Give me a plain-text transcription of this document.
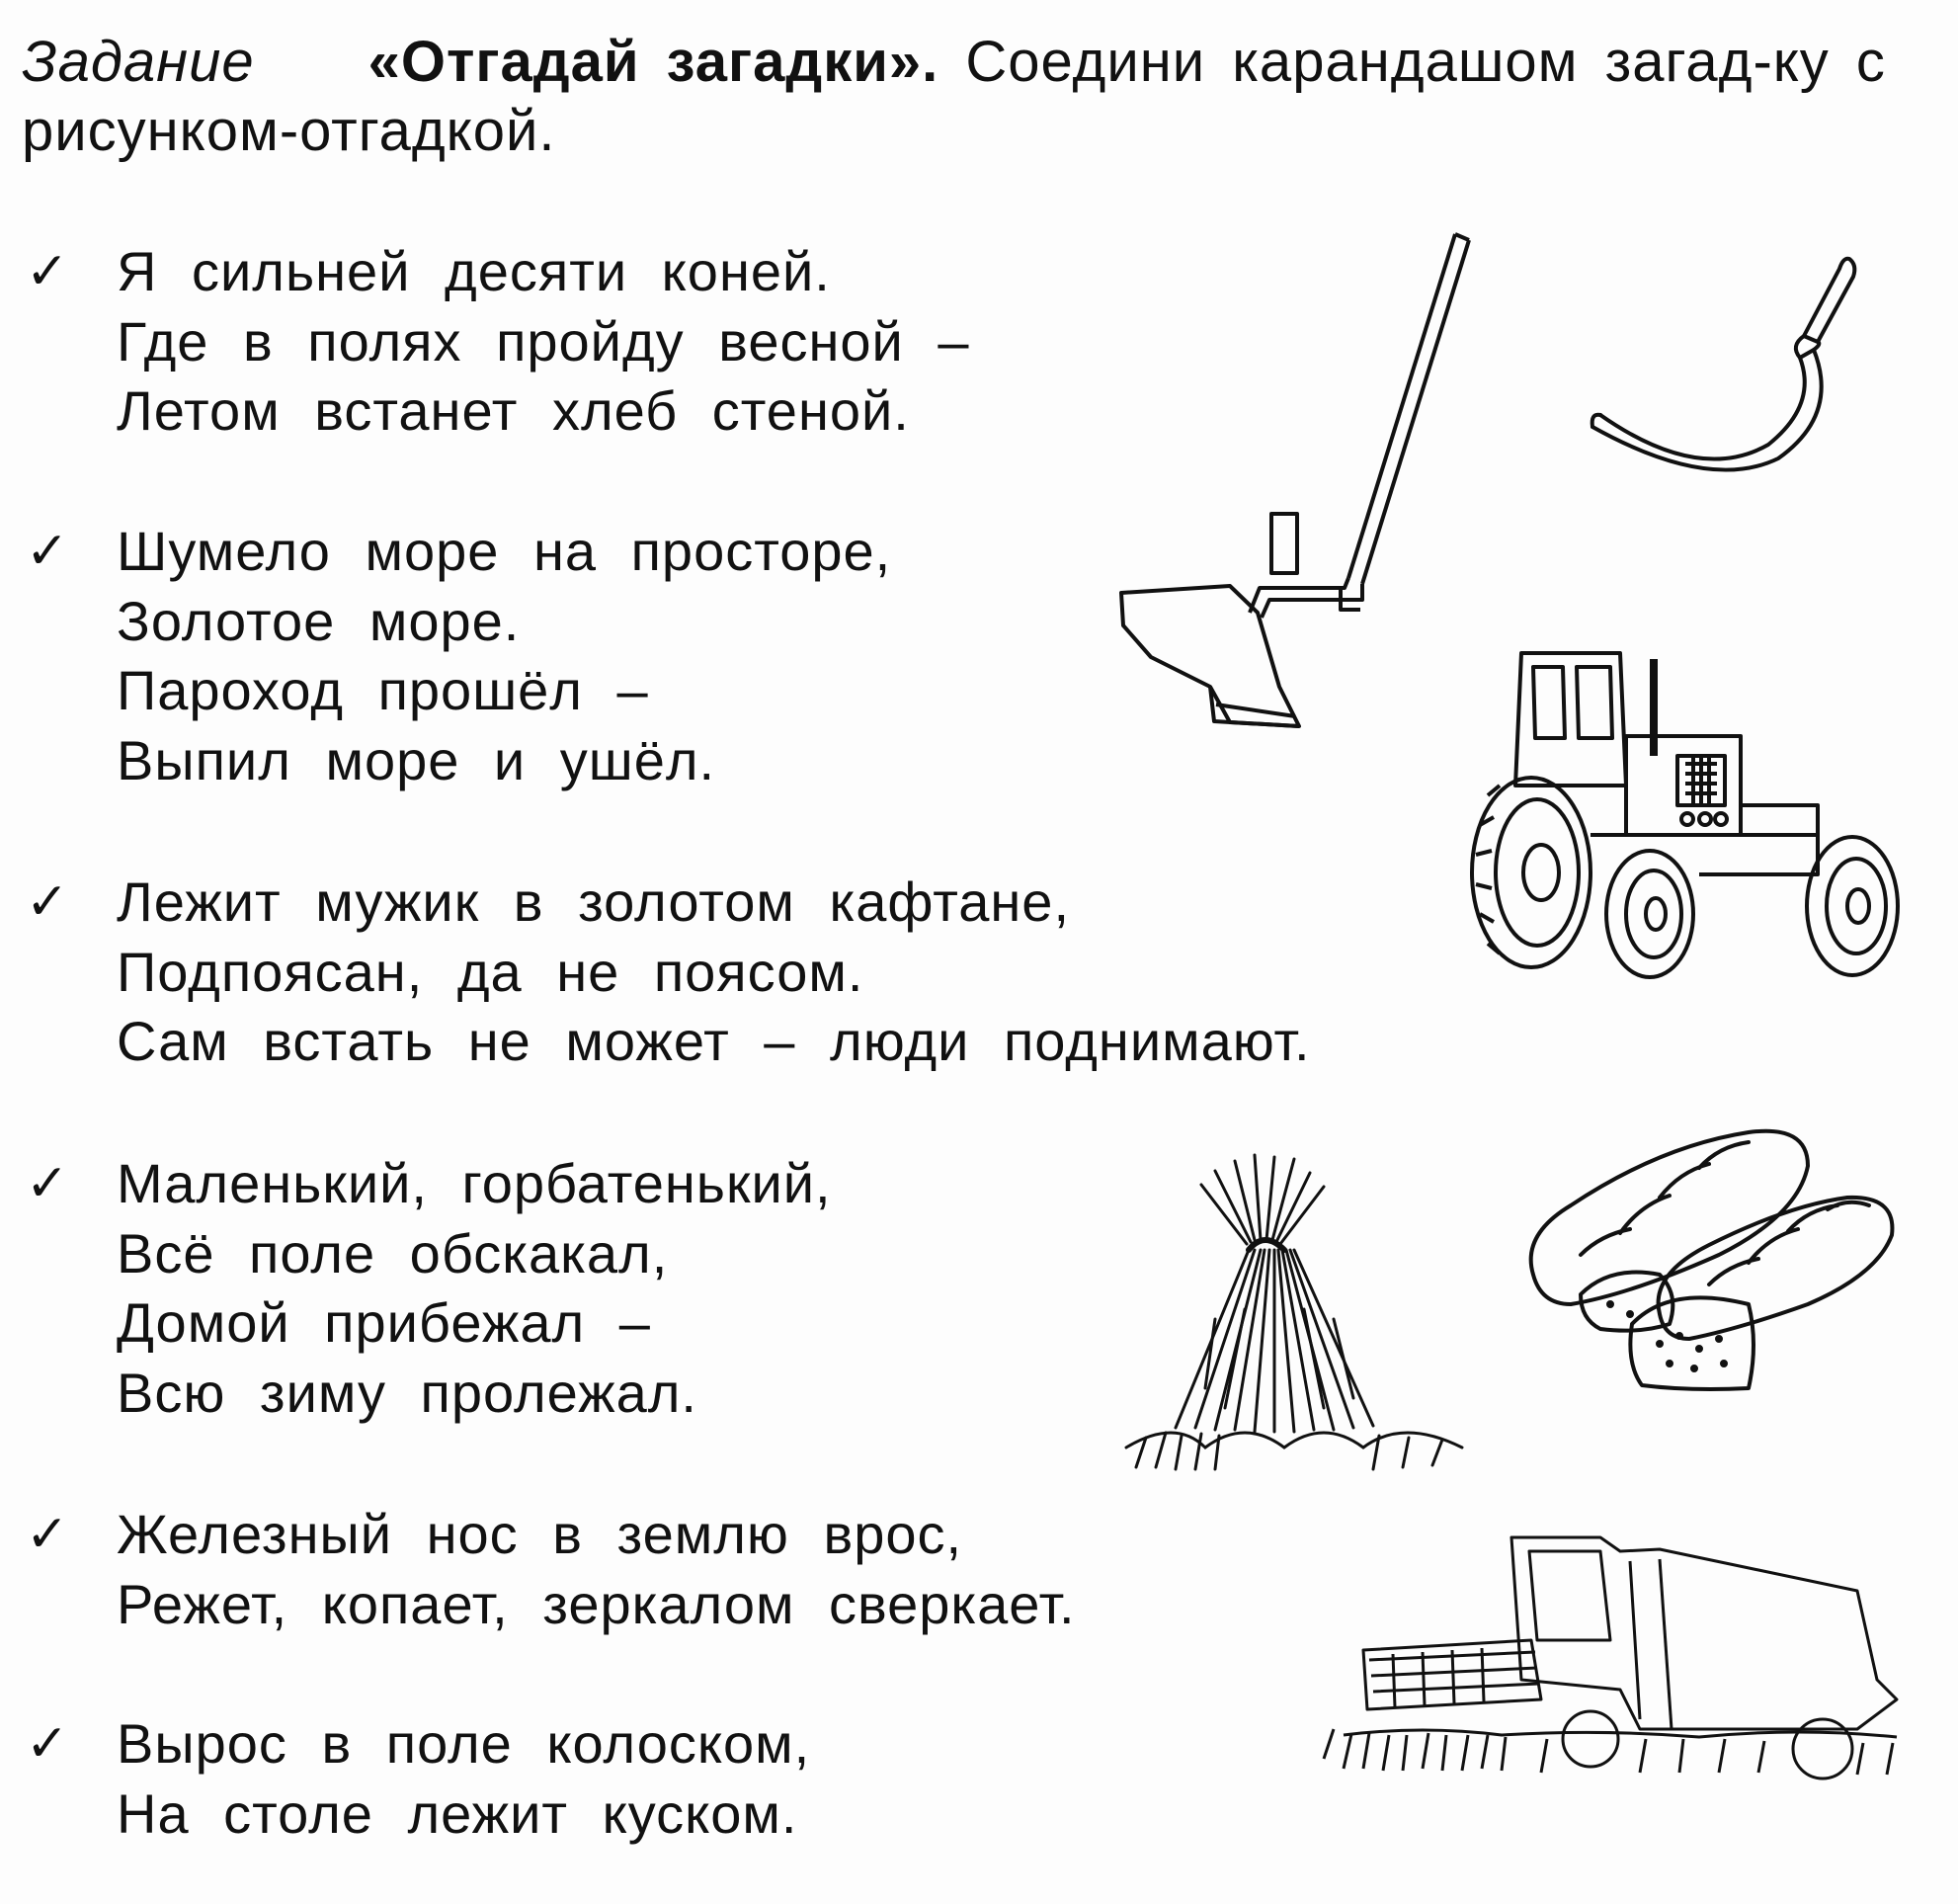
Задание «Отгадай загадки». Соедини карандашом загад-ку с рисунком-отгадкой.
✓ Я сильней десяти коней.
Где в полях пройду весной –
Летом встанет хлеб стеной.
✓ Шумело море на просторе,
Золотое море.
Пароход прошёл –
Выпил море и ушёл.
✓ Лежит мужик в золотом кафтане,
Подпоясан, да не поясом.
Сам встать не может – люди поднимают.
✓ Маленький, горбатенький,
Всё поле обскакал,
Домой прибежал –
Всю зиму пролежал.
✓ Железный нос в землю врос,
Режет, копает, зеркалом сверкает.
✓ Вырос в поле колоском,
На столе лежит куском.
